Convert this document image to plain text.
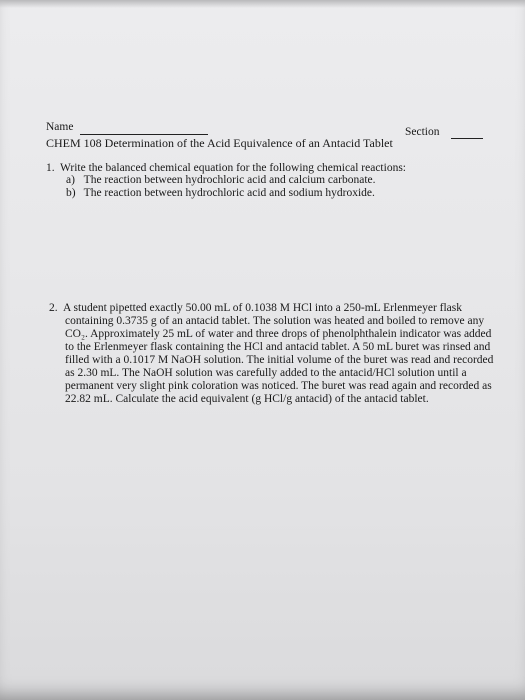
Name	Section
CHEM 108 Determination of the Acid Equivalence of an Antacid Tablet
1. Write the balanced chemical equation for the following chemical reactions:
a) The reaction between hydrochloric acid and calcium carbonate.
b) The reaction between hydrochloric acid and sodium hydroxide.
2. A student pipetted exactly 50.00 mL of 0.1038 M HCl into a 250-mL Erlenmeyer flask
containing 0.3735 g of an antacid tablet. The solution was heated and boiled to remove any
CO₂. Approximately 25 mL of water and three drops of phenolphthalein indicator was added
to the Erlenmeyer flask containing the HCl and antacid tablet. A 50 mL buret was rinsed and
filled with a 0.1017 M NaOH solution. The initial volume of the buret was read and recorded
as 2.30 mL. The NaOH solution was carefully added to the antacid/HCl solution until a
permanent very slight pink coloration was noticed. The buret was read again and recorded as
22.82 mL. Calculate the acid equivalent (g HCl/g antacid) of the antacid tablet.
